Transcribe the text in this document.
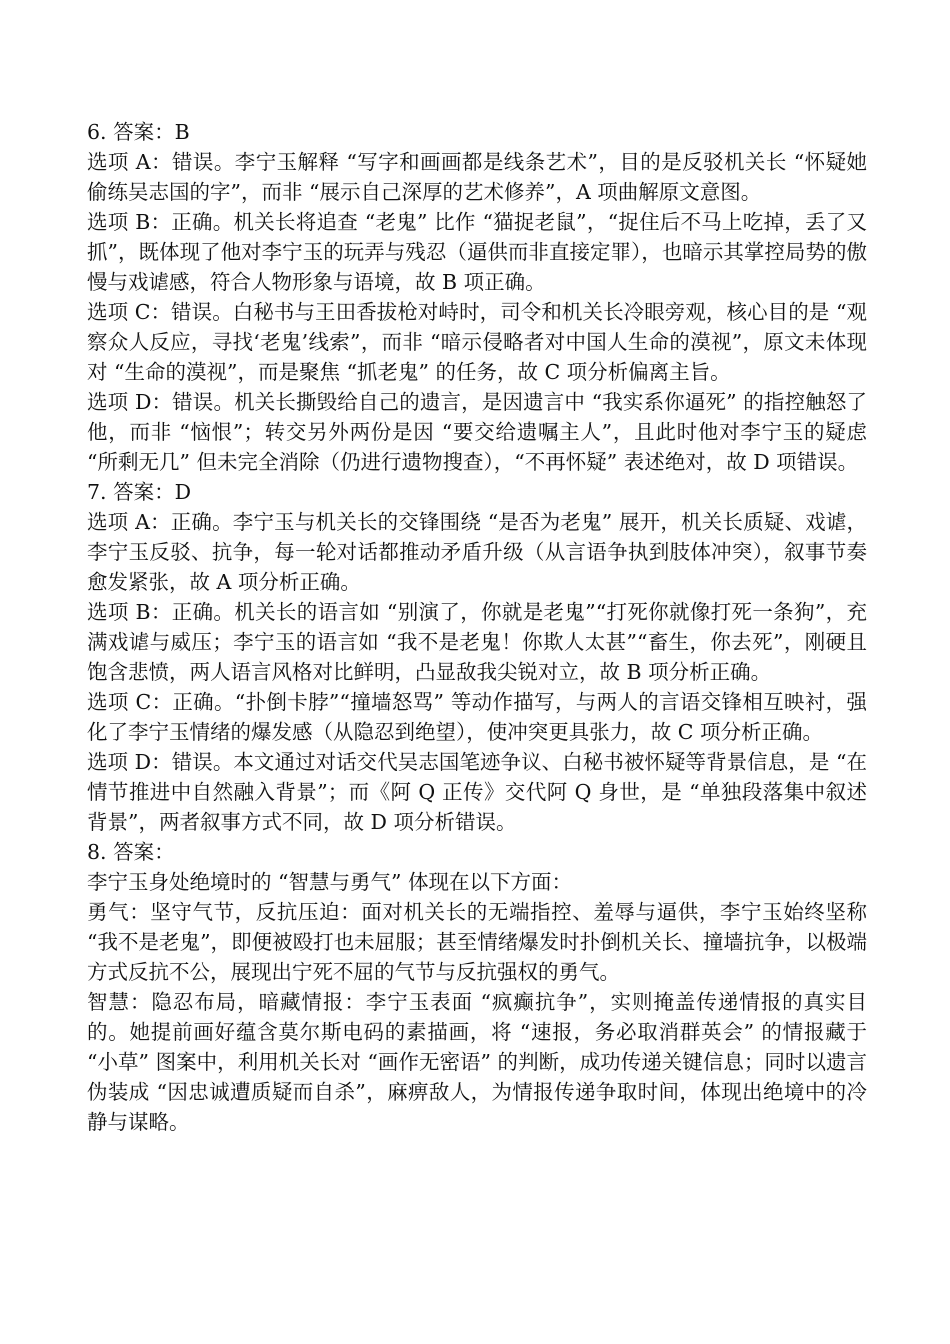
6. 答案：B

选项 A：错误。李宁玉解释 “写字和画画都是线条艺术”，目的是反驳机关长 “怀疑她偷练吴志国的字”，而非 “展示自己深厚的艺术修养”，A 项曲解原文意图。

选项 B：正确。机关长将追查 “老鬼” 比作 “猫捉老鼠”，“捉住后不马上吃掉，丢了又抓”，既体现了他对李宁玉的玩弄与残忍（逼供而非直接定罪），也暗示其掌控局势的傲慢与戏谑感，符合人物形象与语境，故 B 项正确。

选项 C：错误。白秘书与王田香拔枪对峙时，司令和机关长冷眼旁观，核心目的是 “观察众人反应，寻找‘老鬼’线索”，而非 “暗示侵略者对中国人生命的漠视”，原文未体现对 “生命的漠视”，而是聚焦 “抓老鬼” 的任务，故 C 项分析偏离主旨。

选项 D：错误。机关长撕毁给自己的遗言，是因遗言中 “我实系你逼死” 的指控触怒了他，而非 “恼恨”；转交另外两份是因 “要交给遗嘱主人”，且此时他对李宁玉的疑虑 “所剩无几” 但未完全消除（仍进行遗物搜查），“不再怀疑” 表述绝对，故 D 项错误。

7. 答案：D

选项 A：正确。李宁玉与机关长的交锋围绕 “是否为老鬼” 展开，机关长质疑、戏谑，李宁玉反驳、抗争，每一轮对话都推动矛盾升级（从言语争执到肢体冲突），叙事节奏愈发紧张，故 A 项分析正确。

选项 B：正确。机关长的语言如 “别演了，你就是老鬼”“打死你就像打死一条狗”，充满戏谑与威压；李宁玉的语言如 “我不是老鬼！你欺人太甚”“畜生，你去死”，刚硬且饱含悲愤，两人语言风格对比鲜明，凸显敌我尖锐对立，故 B 项分析正确。

选项 C：正确。“扑倒卡脖”“撞墙怒骂” 等动作描写，与两人的言语交锋相互映衬，强化了李宁玉情绪的爆发感（从隐忍到绝望），使冲突更具张力，故 C 项分析正确。

选项 D：错误。本文通过对话交代吴志国笔迹争议、白秘书被怀疑等背景信息，是 “在情节推进中自然融入背景”；而《阿 Q 正传》交代阿 Q 身世，是 “单独段落集中叙述背景”，两者叙事方式不同，故 D 项分析错误。

8. 答案：

李宁玉身处绝境时的 “智慧与勇气” 体现在以下方面：

勇气：坚守气节，反抗压迫：面对机关长的无端指控、羞辱与逼供，李宁玉始终坚称 “我不是老鬼”，即便被殴打也未屈服；甚至情绪爆发时扑倒机关长、撞墙抗争，以极端方式反抗不公，展现出宁死不屈的气节与反抗强权的勇气。

智慧：隐忍布局，暗藏情报：李宁玉表面 “疯癫抗争”，实则掩盖传递情报的真实目的。她提前画好蕴含莫尔斯电码的素描画，将 “速报，务必取消群英会” 的情报藏于 “小草” 图案中，利用机关长对 “画作无密语” 的判断，成功传递关键信息；同时以遗言伪装成 “因忠诚遭质疑而自杀”，麻痹敌人，为情报传递争取时间，体现出绝境中的冷静与谋略。
